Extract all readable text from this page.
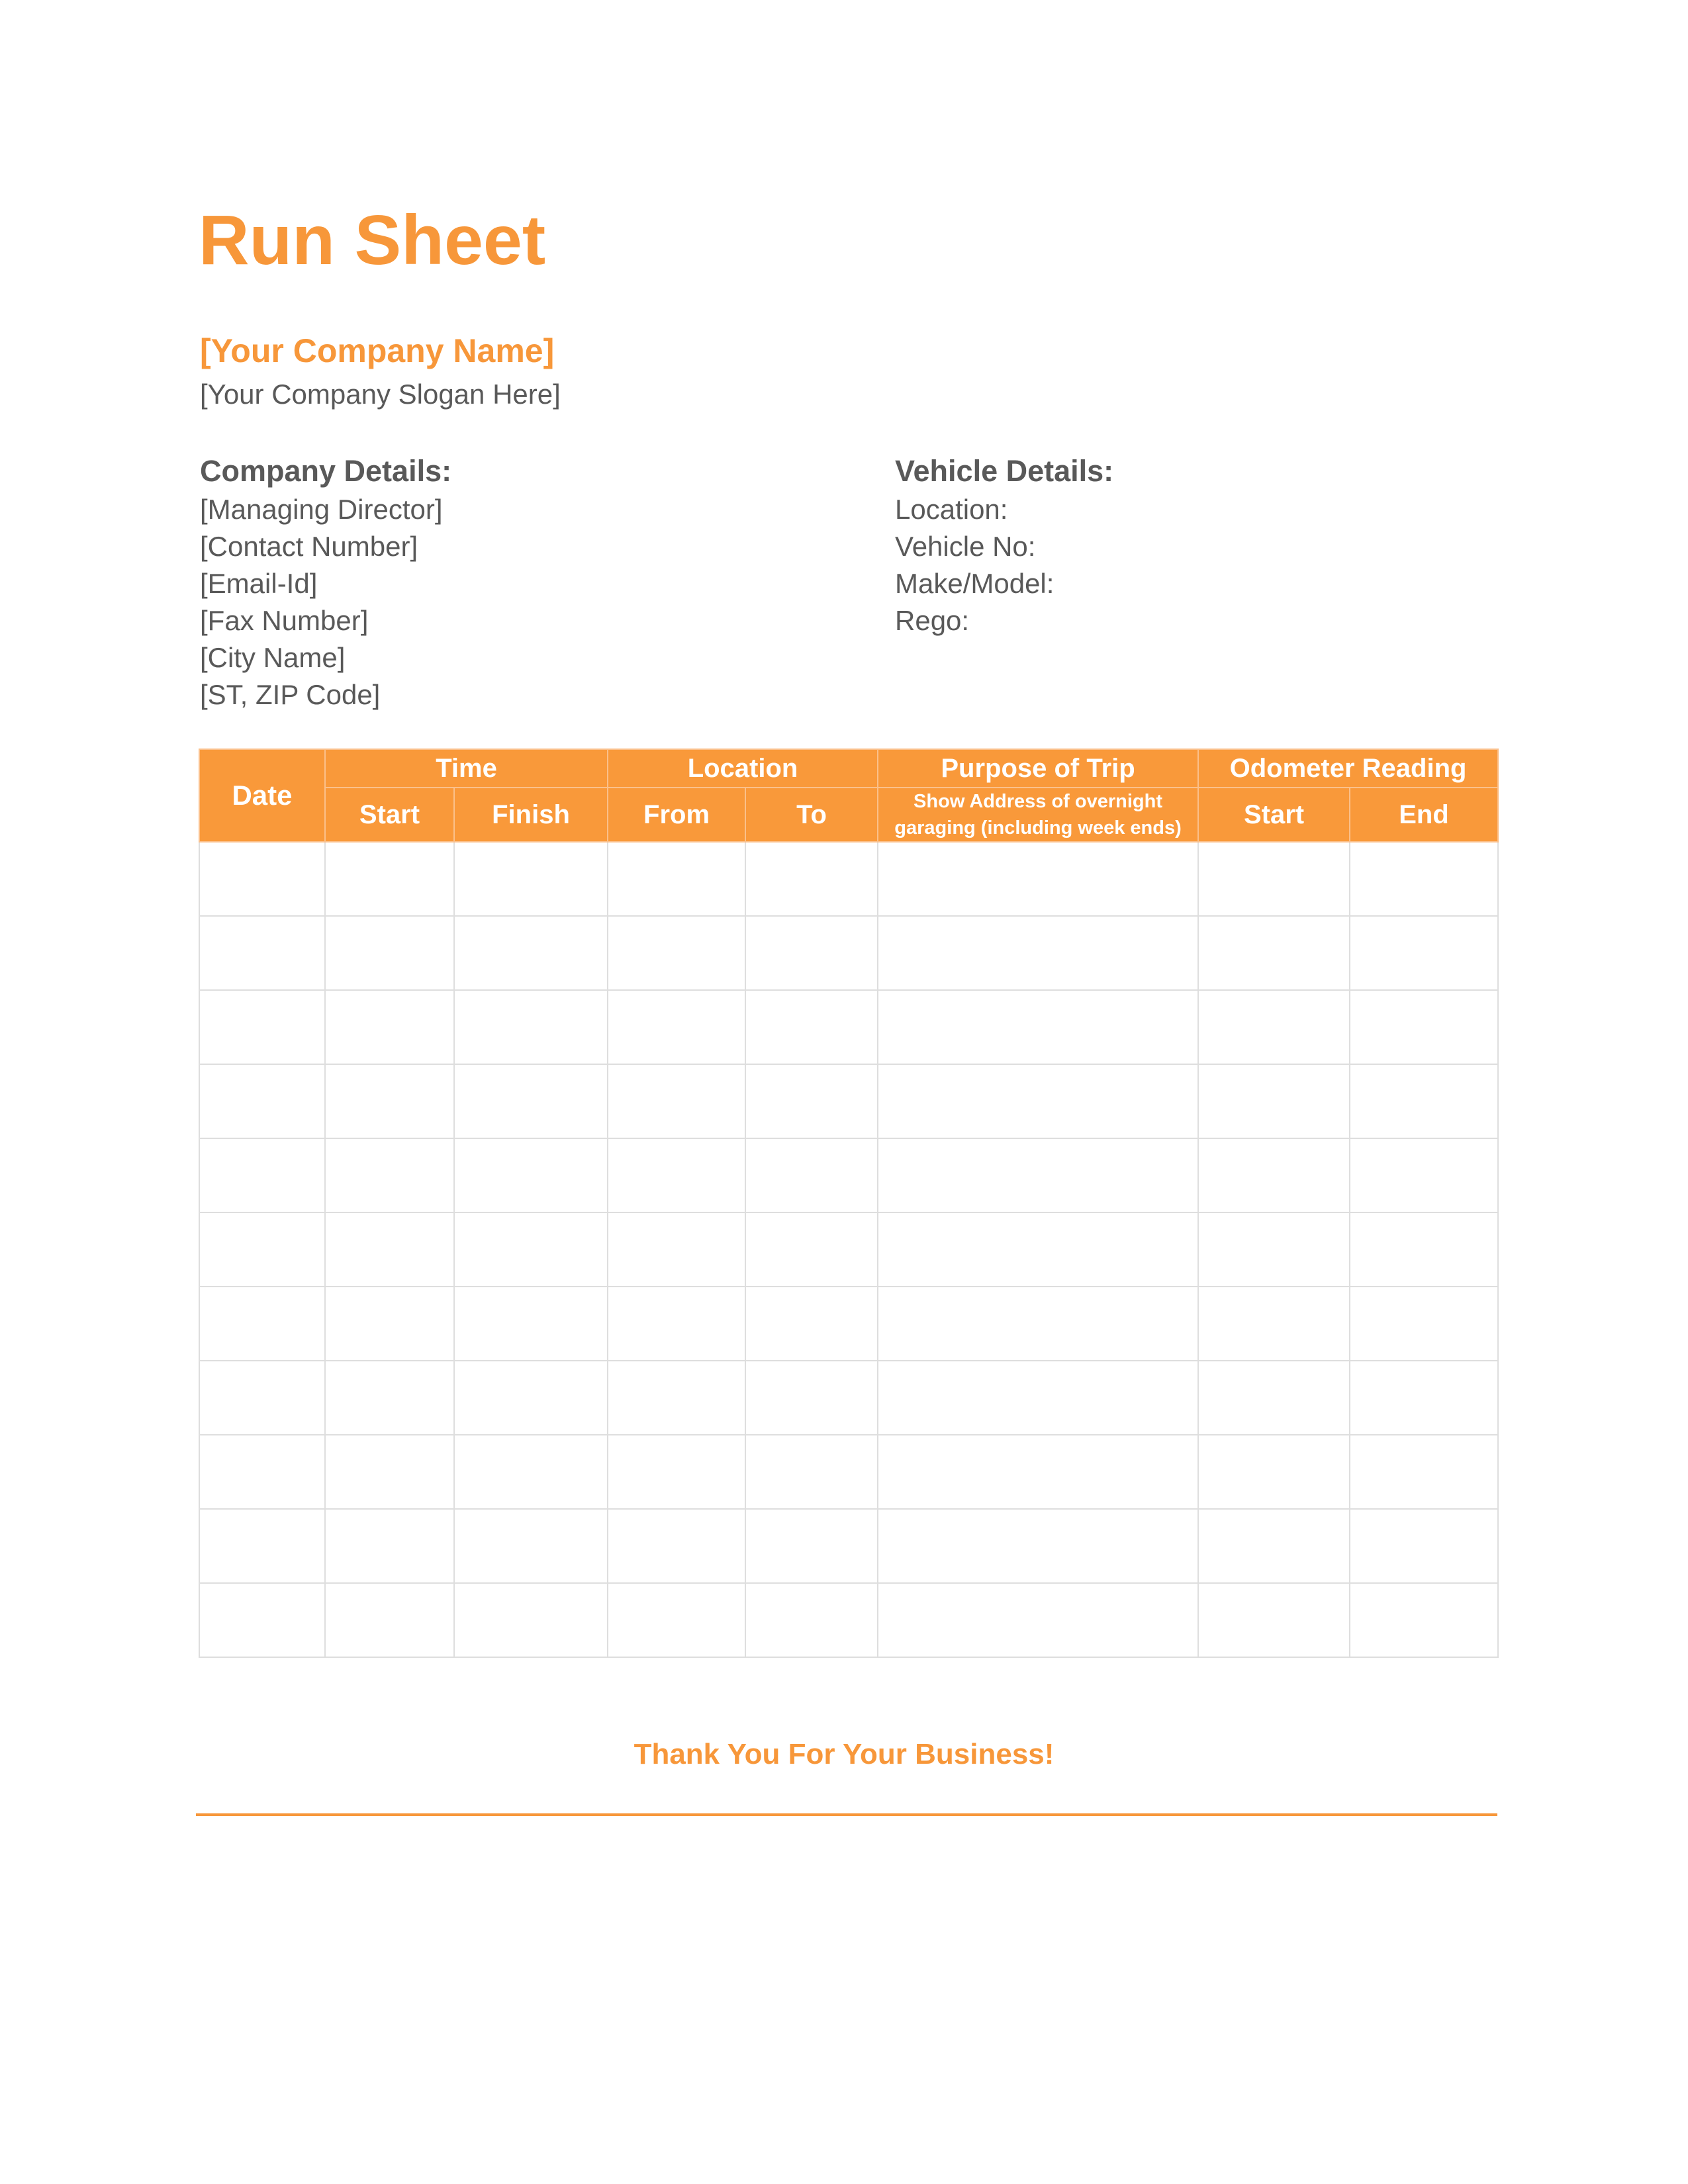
Run Sheet
[Your Company Name]
[Your Company Slogan Here]
Company Details:
[Managing Director]
[Contact Number]
[Email-Id]
[Fax Number]
[City Name]
[ST, ZIP Code]
Vehicle Details:
Location:
Vehicle No:
Make/Model:
Rego:
Date	Time		Location		Purpose of Trip	Odometer Reading	
	Start	Finish	From	To	Show Address of overnight garaging (including week ends)	Start	End

Thank You For Your Business!
